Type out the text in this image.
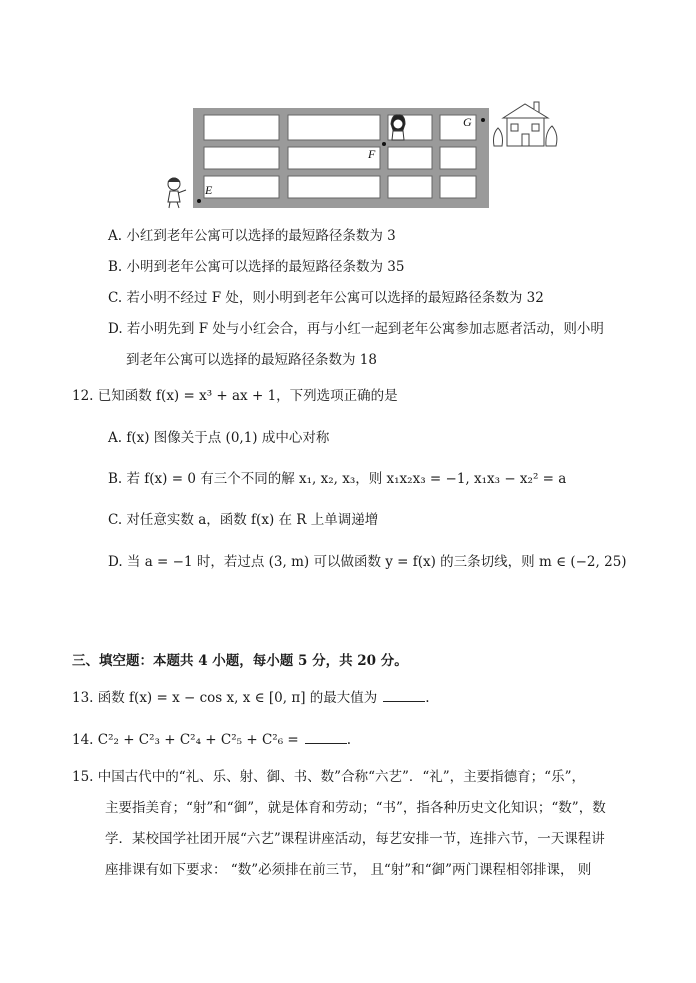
E
F
G
A. 小红到老年公寓可以选择的最短路径条数为 3
B. 小明到老年公寓可以选择的最短路径条数为 35
C. 若小明不经过 F 处，则小明到老年公寓可以选择的最短路径条数为 32
D. 若小明先到 F 处与小红会合，再与小红一起到老年公寓参加志愿者活动，则小明
到老年公寓可以选择的最短路径条数为 18
12. 已知函数 f(x) = x³ + ax + 1，下列选项正确的是
A. f(x) 图像关于点 (0,1) 成中心对称
B. 若 f(x) = 0 有三个不同的解 x₁, x₂, x₃，则 x₁x₂x₃ = −1, x₁x₃ − x₂² = a
C. 对任意实数 a，函数 f(x) 在 R 上单调递增
D. 当 a = −1 时，若过点 (3, m) 可以做函数 y = f(x) 的三条切线，则 m ∈ (−2, 25)
三、填空题：本题共 4 小题，每小题 5 分，共 20 分。
13. 函数 f(x) = x − cos x, x ∈ [0, π] 的最大值为	.
14. C²₂ + C²₃ + C²₄ + C²₅ + C²₆ =	.
15. 中国古代中的“礼、乐、射、御、书、数”合称“六艺”．“礼”，主要指德育；“乐”，
主要指美育；“射”和“御”，就是体育和劳动；“书”，指各种历史文化知识；“数”，数
学．某校国学社团开展“六艺”课程讲座活动，每艺安排一节，连排六节，一天课程讲
座排课有如下要求： “数”必须排在前三节， 且“射”和“御”两门课程相邻排课， 则
